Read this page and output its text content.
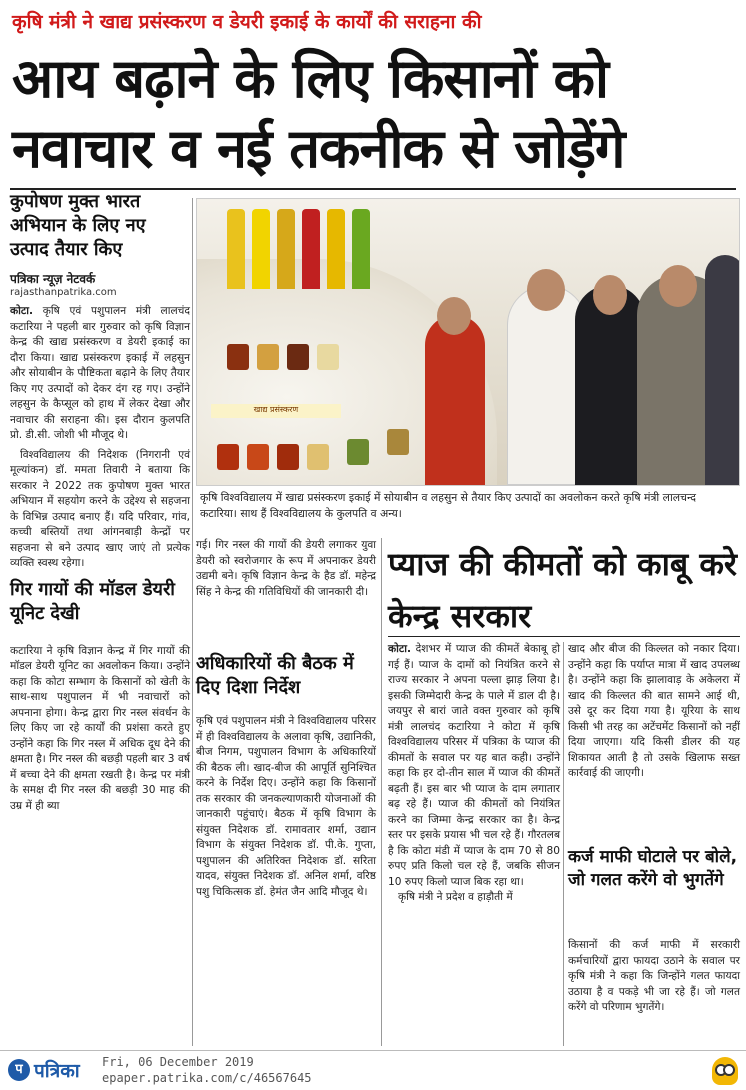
कृषि मंत्री ने खाद्य प्रसंस्करण व डेयरी इकाई के कार्यों की सराहना की
आय बढ़ाने के लिए किसानों को
नवाचार व नई तकनीक से जोड़ेंगे
कुपोषण मुक्त भारत अभियान के लिए नए उत्पाद तैयार किए
पत्रिका न्यूज़ नेटवर्क
rajasthanpatrika.com
कोटा. कृषि एवं पशुपालन मंत्री लालचंद कटारिया ने पहली बार गुरुवार को कृषि विज्ञान केन्द्र की खाद्य प्रसंस्करण व डेयरी इकाई का दौरा किया। खाद्य प्रसंस्करण इकाई में लहसुन और सोयाबीन के पौष्टिकता बढ़ाने के लिए तैयार किए गए उत्पादों को देकर दंग रह गए। उन्होंने लहसुन के कैप्सूल को हाथ में लेकर देखा और नवाचार की सराहना की। इस दौरान कुलपति प्रो. डी.सी. जोशी भी मौजूद थे।
विश्वविद्यालय की निदेशक (निगरानी एवं मूल्यांकन) डॉ. ममता तिवारी ने बताया कि सरकार ने 2022 तक कुपोषण मुक्त भारत अभियान में सहयोग करने के उद्देश्य से सहजना के विभिन्न उत्पाद बनाए हैं। यदि परिवार, गांव, कच्ची बस्तियों तथा आंगनबाड़ी केन्द्रों पर सहजना से बने उत्पाद खाए जाएं तो प्रत्येक व्यक्ति स्वस्थ रहेगा।
गिर गायों की मॉडल डेयरी यूनिट देखी
कटारिया ने कृषि विज्ञान केन्द्र में गिर गायों की मॉडल डेयरी यूनिट का अवलोकन किया। उन्होंने कहा कि कोटा सम्भाग के किसानों को खेती के साथ-साथ पशुपालन में भी नवाचारों को अपनाना होगा। केन्द्र द्वारा गिर नस्ल संवर्धन के लिए किए जा रहे कार्यों की प्रशंसा करते हुए उन्होंने कहा कि गिर नस्ल में अधिक दूध देने की क्षमता है। गिर नस्ल की बछड़ी पहली बार 3 वर्ष में बच्चा देने की क्षमता रखती है। केन्द्र पर मंत्री के समक्ष दी गिर नस्ल की बछड़ी 30 माह की उम्र में ही ब्या
खाद्य प्रसंस्करण
कृषि विश्वविद्यालय में खाद्य प्रसंस्करण इकाई में सोयाबीन व लहसुन से तैयार किए उत्पादों का अवलोकन करते कृषि मंत्री लालचन्द कटारिया। साथ हैं विश्वविद्यालय के कुलपति व अन्य।
गई। गिर नस्ल की गायों की डेयरी लगाकर युवा डेयरी को स्वरोजगार के रूप में अपनाकर डेयरी उद्यमी बने। कृषि विज्ञान केन्द्र के हैड डॉ. महेन्द्र सिंह ने केन्द्र की गतिविधियों की जानकारी दी।
अधिकारियों की बैठक में दिए दिशा निर्देश
कृषि एवं पशुपालन मंत्री ने विश्वविद्यालय परिसर में ही विश्वविद्यालय के अलावा कृषि, उद्यानिकी, बीज निगम, पशुपालन विभाग के अधिकारियों की बैठक ली। खाद-बीज की आपूर्ति सुनिश्चित करने के निर्देश दिए। उन्होंने कहा कि किसानों तक सरकार की जनकल्याणकारी योजनाओं की जानकारी पहुंचाएं। बैठक में कृषि विभाग के संयुक्त निदेशक डॉ. रामावतार शर्मा, उद्यान विभाग के संयुक्त निदेशक डॉ. पी.के. गुप्ता, पशुपालन की अतिरिक्त निदेशक डॉ. सरिता यादव, संयुक्त निदेशक डॉ. अनिल शर्मा, वरिष्ठ पशु चिकित्सक डॉ. हेमंत जैन आदि मौजूद थे।
प्याज की कीमतों को काबू करे केन्द्र सरकार
कोटा. देशभर में प्याज की कीमतें बेकाबू हो गई हैं। प्याज के दामों को नियंत्रित करने से राज्य सरकार ने अपना पल्ला झाड़ लिया है। इसकी जिम्मेदारी केन्द्र के पाले में डाल दी है। जयपुर से बारां जाते वक्त गुरुवार को कृषि मंत्री लालचंद कटारिया ने कोटा में कृषि विश्वविद्यालय परिसर में पत्रिका के प्याज की कीमतों के सवाल पर यह बात कही। उन्होंने कहा कि हर दो-तीन साल में प्याज की कीमतें बढ़ती हैं। इस बार भी प्याज के दाम लगातार बढ़ रहे हैं। प्याज की कीमतों को नियंत्रित करने का जिम्मा केन्द्र सरकार का है। केन्द्र स्तर पर इसके प्रयास भी चल रहे हैं। गौरतलब है कि कोटा मंडी में प्याज के दाम 70 से 80 रुपए प्रति किलो चल रहे हैं, जबकि सीजन 10 रुपए किलो प्याज बिक रहा था।
कृषि मंत्री ने प्रदेश व हाड़ौती में
खाद और बीज की किल्लत को नकार दिया। उन्होंने कहा कि पर्याप्त मात्रा में खाद उपलब्ध है। उन्होंने कहा कि झालावाड़ के अकेलरा में खाद की किल्लत की बात सामने आई थी, उसे दूर कर दिया गया है। यूरिया के साथ किसी भी तरह का अटेंचमेंट किसानों को नहीं दिया जाएगा। यदि किसी डीलर की यह शिकायत आती है तो उसके खिलाफ सख्त कार्रवाई की जाएगी।
कर्ज माफी घोटाले पर बोले, जो गलत करेंगे वो भुगतेंगे
किसानों की कर्ज माफी में सरकारी कर्मचारियों द्वारा फायदा उठाने के सवाल पर कृषि मंत्री ने कहा कि जिन्होंने गलत फायदा उठाया है व पकड़े भी जा रहे हैं। जो गलत करेंगे वो परिणाम भुगतेंगे।
प पत्रिका Fri, 06 December 2019
epaper.patrika.com/c/46567645
